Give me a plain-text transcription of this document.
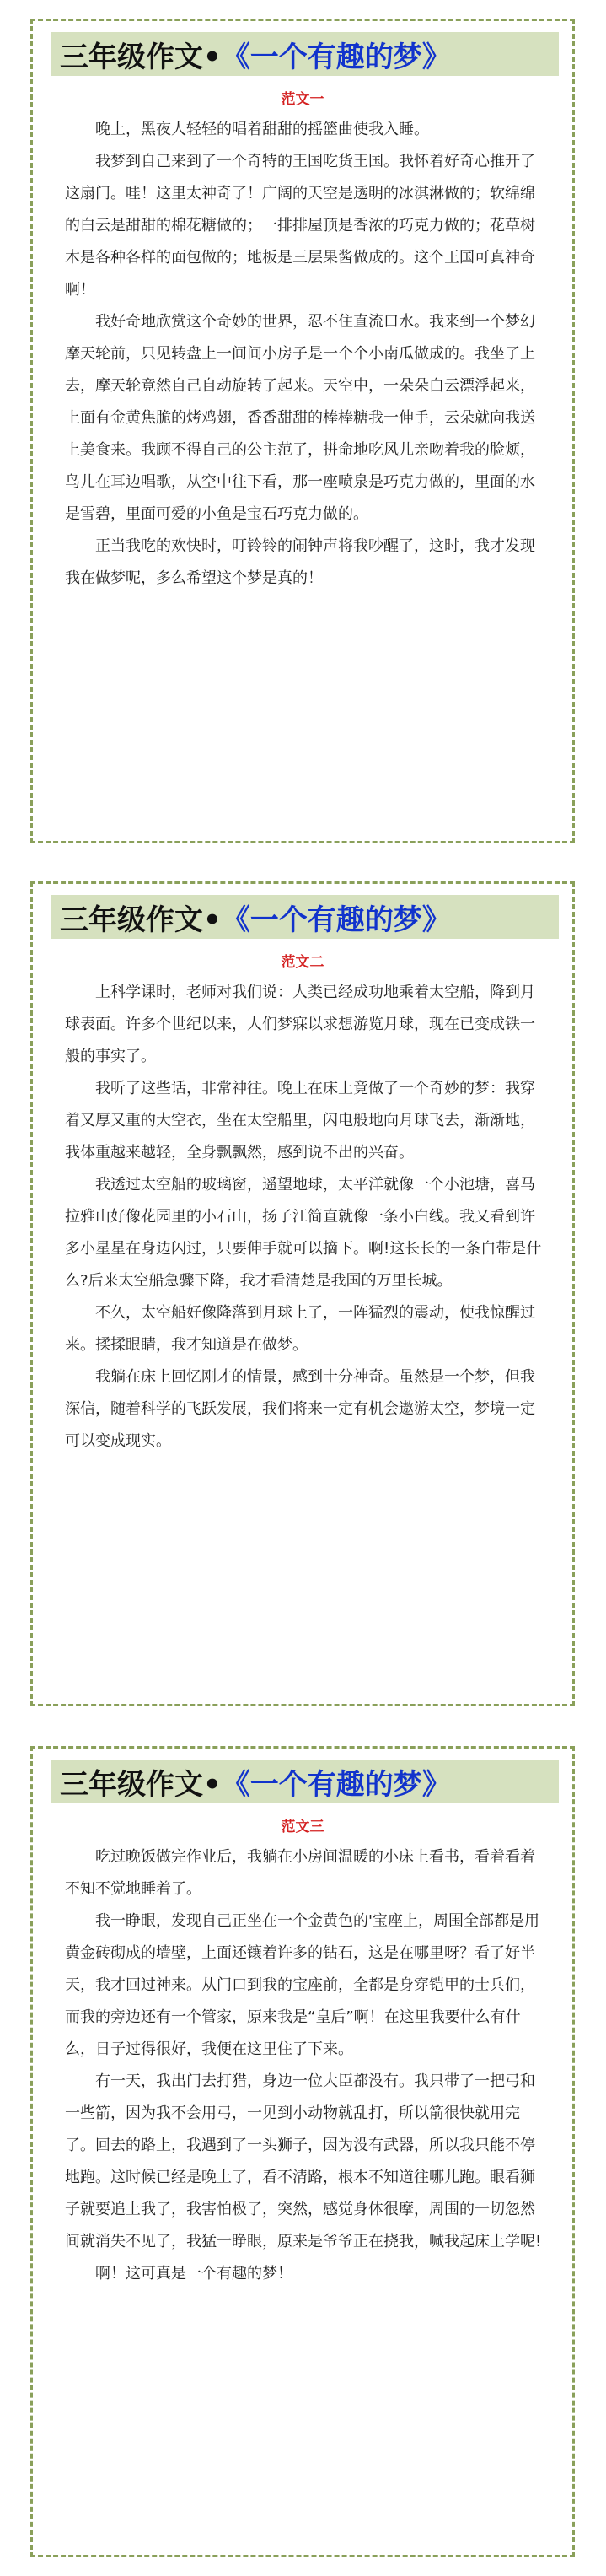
三年级作文• 《一个有趣的梦》
范文一

晚上，黑夜人轻轻的唱着甜甜的摇篮曲使我入睡。

我梦到自己来到了一个奇特的王国吃货王国。我怀着好奇心推开了这扇门。哇！这里太神奇了！广阔的天空是透明的冰淇淋做的；软绵绵的白云是甜甜的棉花糖做的；一排排屋顶是香浓的巧克力做的；花草树木是各种各样的面包做的；地板是三层果酱做成的。这个王国可真神奇啊！

我好奇地欣赏这个奇妙的世界，忍不住直流口水。我来到一个梦幻摩天轮前，只见转盘上一间间小房子是一个个小南瓜做成的。我坐了上去，摩天轮竟然自己自动旋转了起来。天空中，一朵朵白云漂浮起来，上面有金黄焦脆的烤鸡翅，香香甜甜的棒棒糖我一伸手，云朵就向我送上美食来。我顾不得自己的公主范了，拼命地吃风儿亲吻着我的脸颊，鸟儿在耳边唱歌，从空中往下看，那一座喷泉是巧克力做的，里面的水是雪碧，里面可爱的小鱼是宝石巧克力做的。

正当我吃的欢快时，叮铃铃的闹钟声将我吵醒了，这时，我才发现我在做梦呢，多么希望这个梦是真的！

三年级作文• 《一个有趣的梦》
范文二

上科学课时，老师对我们说：人类已经成功地乘着太空船，降到月球表面。许多个世纪以来，人们梦寐以求想游览月球，现在已变成铁一般的事实了。

我听了这些话，非常神往。晚上在床上竟做了一个奇妙的梦：我穿着又厚又重的大空衣，坐在太空船里，闪电般地向月球飞去，渐渐地，我体重越来越轻，全身飘飘然，感到说不出的兴奋。

我透过太空船的玻璃窗，遥望地球，太平洋就像一个小池塘，喜马拉雅山好像花园里的小石山，扬子江简直就像一条小白线。我又看到许多小星星在身边闪过，只要伸手就可以摘下。啊!这长长的一条白带是什么?后来太空船急骤下降，我才看清楚是我国的万里长城。

不久，太空船好像降落到月球上了，一阵猛烈的震动，使我惊醒过来。揉揉眼睛，我才知道是在做梦。

我躺在床上回忆刚才的情景，感到十分神奇。虽然是一个梦，但我深信，随着科学的飞跃发展，我们将来一定有机会遨游太空，梦境一定可以变成现实。

三年级作文• 《一个有趣的梦》
范文三

吃过晚饭做完作业后，我躺在小房间温暖的小床上看书，看着看着不知不觉地睡着了。

我一睁眼，发现自己正坐在一个金黄色的'宝座上，周围全部都是用黄金砖砌成的墙壁，上面还镶着许多的钻石，这是在哪里呀？看了好半天，我才回过神来。从门口到我的宝座前，全都是身穿铠甲的士兵们，而我的旁边还有一个管家，原来我是“皇后”啊！在这里我要什么有什么，日子过得很好，我便在这里住了下来。

有一天，我出门去打猎，身边一位大臣都没有。我只带了一把弓和一些箭，因为我不会用弓，一见到小动物就乱打，所以箭很快就用完了。回去的路上，我遇到了一头狮子，因为没有武器，所以我只能不停地跑。这时候已经是晚上了，看不清路，根本不知道往哪儿跑。眼看狮子就要追上我了，我害怕极了，突然，感觉身体很摩，周围的一切忽然间就消失不见了，我猛一睁眼，原来是爷爷正在挠我，喊我起床上学呢!

啊！这可真是一个有趣的梦！
